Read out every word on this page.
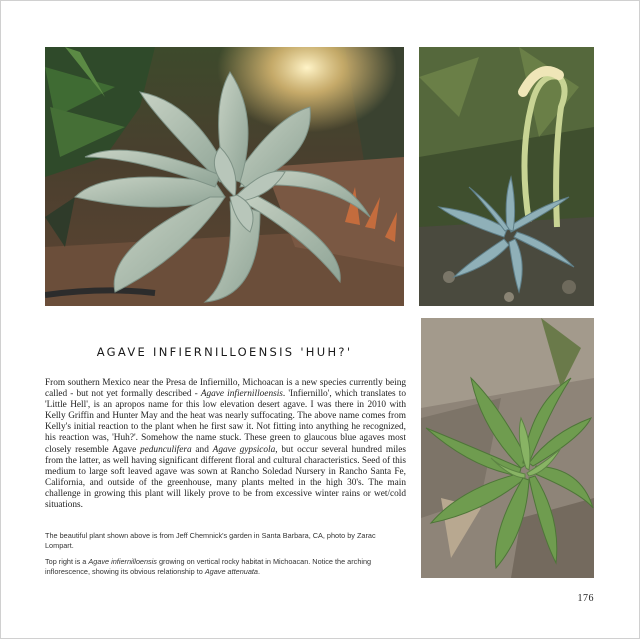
AGAVE INFIERNILLOENSIS 'HUH?'
From southern Mexico near the Presa de Infiernillo, Michoacan is a new species currently being called - but not yet formally described - Agave infiernilloensis. 'Infiernillo', which translates to 'Little Hell', is an apropos name for this low elevation desert agave. I was there in 2010 with Kelly Griffin and Hunter May and the heat was nearly suffocating. The above name comes from Kelly's initial reaction to the plant when he first saw it. Not fitting into anything he recognized, his reaction was, 'Huh?'. Somehow the name stuck. These green to glaucous blue agaves most closely resemble Agave pedunculifera and Agave gypsicola, but occur several hundred miles from the latter, as well having significant different floral and cultural characteristics. Seed of this medium to large soft leaved agave was sown at Rancho Soledad Nursery in Rancho Santa Fe, California, and outside of the greenhouse, many plants melted in the high 30's. The main challenge in growing this plant will likely prove to be from excessive winter rains or wet/cold situations.
The beautiful plant shown above is from Jeff Chemnick's garden in Santa Barbara, CA, photo by Zarac Lompart.
Top right is a Agave infiernilloensis growing on vertical rocky habitat in Michoacan. Notice the arching inflorescence, showing its obvious relationship to Agave attenuata.
176
